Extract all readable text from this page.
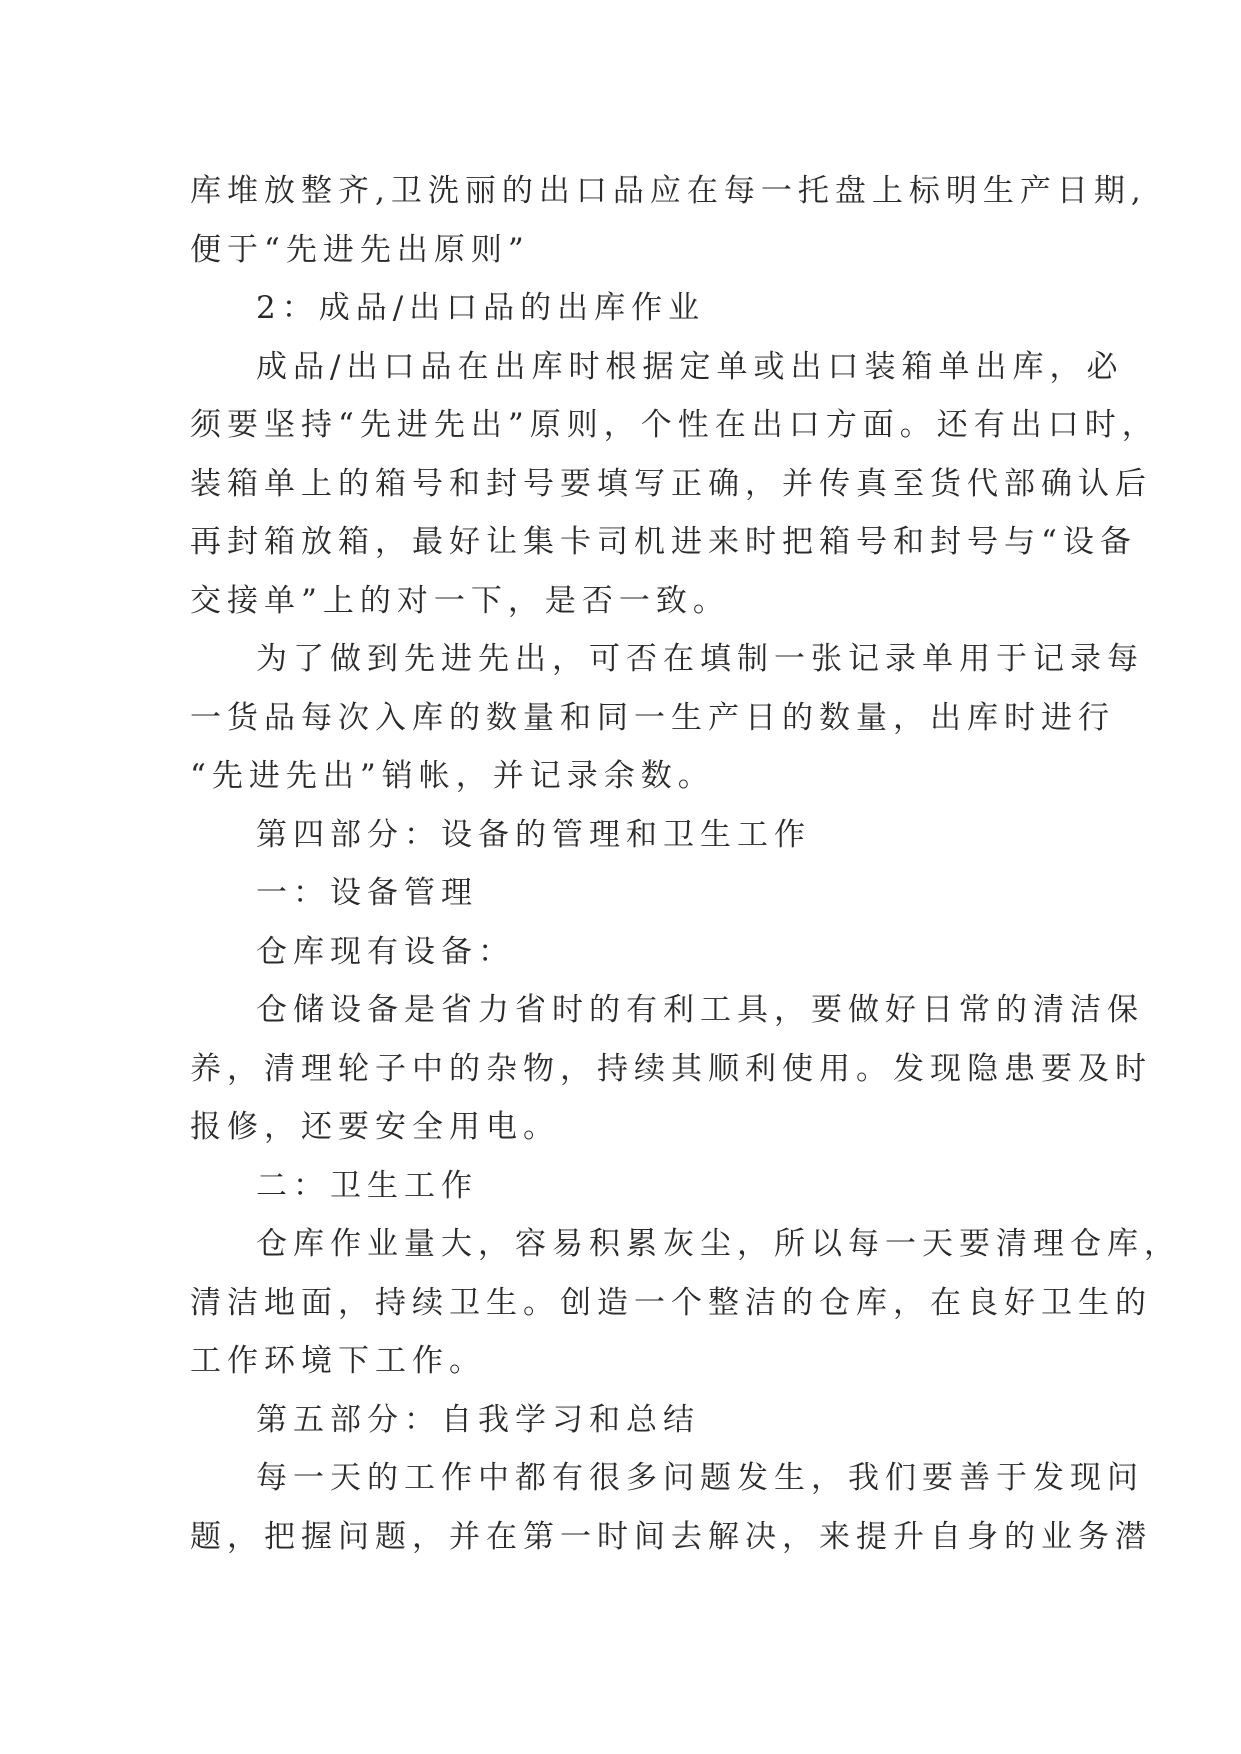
库堆放整齐,卫洗丽的出口品应在每一托盘上标明生产日期,
便于“先进先出原则”
2：成品/出口品的出库作业
成品/出口品在出库时根据定单或出口装箱单出库，必
须要坚持“先进先出”原则，个性在出口方面。还有出口时，
装箱单上的箱号和封号要填写正确，并传真至货代部确认后
再封箱放箱，最好让集卡司机进来时把箱号和封号与“设备
交接单”上的对一下，是否一致。
为了做到先进先出，可否在填制一张记录单用于记录每
一货品每次入库的数量和同一生产日的数量，出库时进行
“先进先出”销帐，并记录余数。
第四部分：设备的管理和卫生工作
一：设备管理
仓库现有设备：
仓储设备是省力省时的有利工具，要做好日常的清洁保
养，清理轮子中的杂物，持续其顺利使用。发现隐患要及时
报修，还要安全用电。
二：卫生工作
仓库作业量大，容易积累灰尘，所以每一天要清理仓库，
清洁地面，持续卫生。创造一个整洁的仓库，在良好卫生的
工作环境下工作。
第五部分：自我学习和总结
每一天的工作中都有很多问题发生，我们要善于发现问
题，把握问题，并在第一时间去解决，来提升自身的业务潜
